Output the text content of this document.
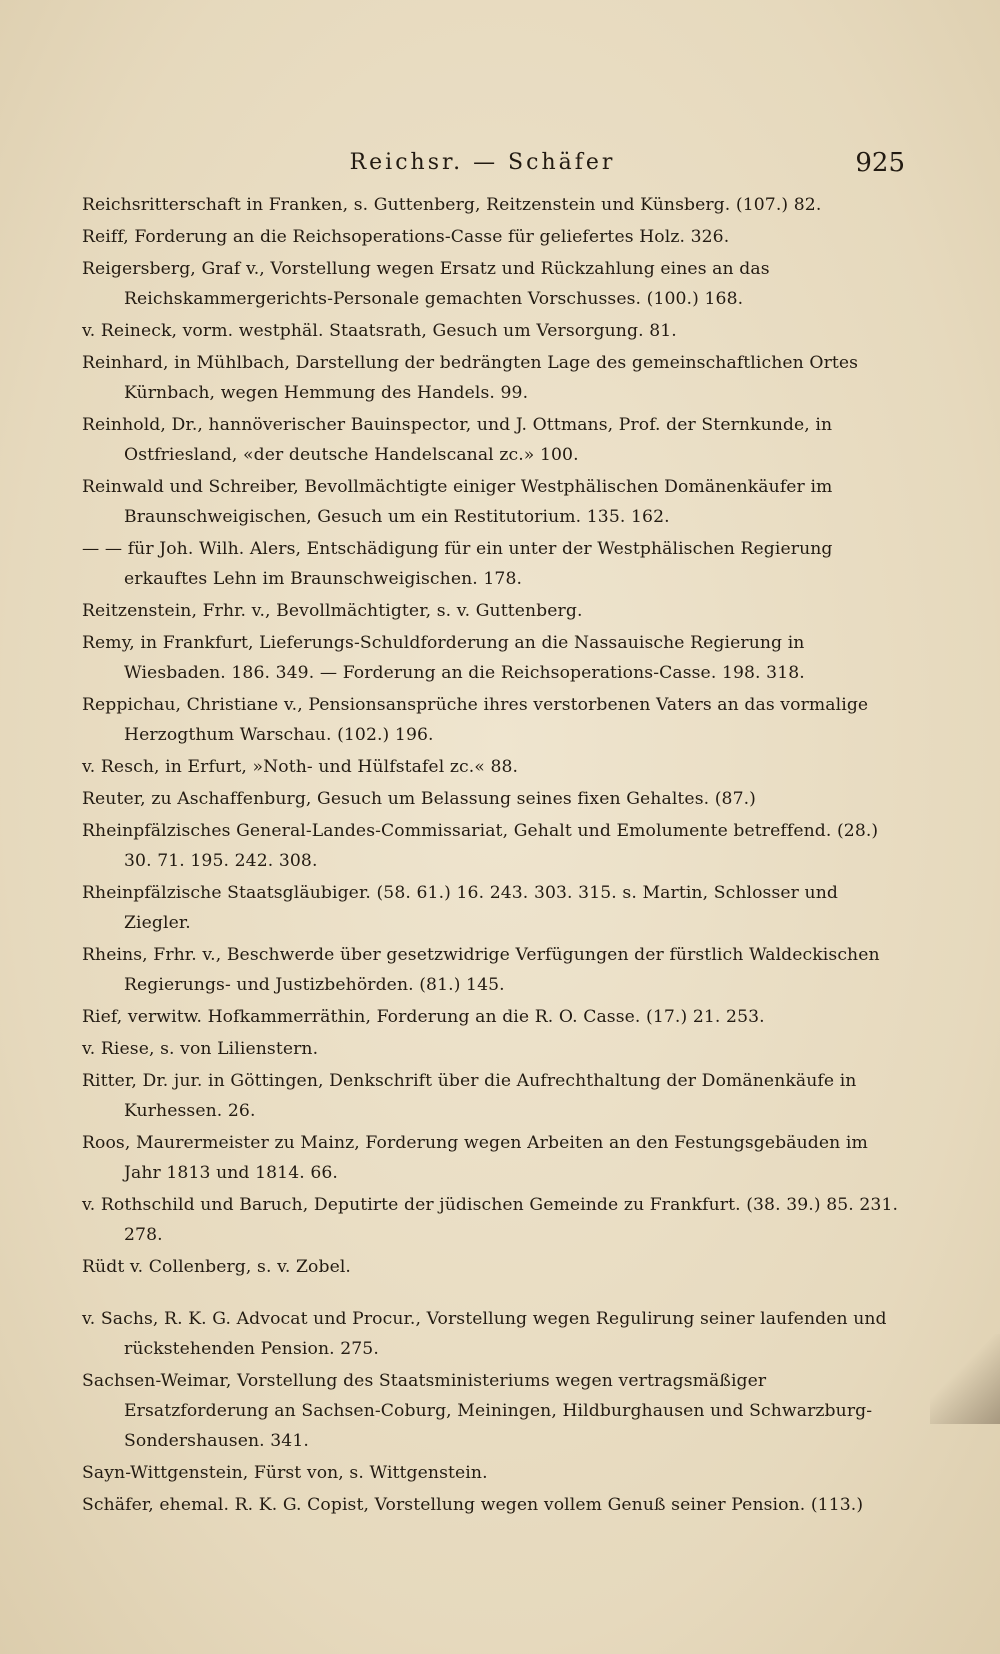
Reichsr. — Schäfer	925
Reichsritterschaft in Franken, s. Guttenberg, Reitzenstein und Künsberg. (107.) 82.
Reiff, Forderung an die Reichsoperations-Casse für geliefertes Holz. 326.
Reigersberg, Graf v., Vorstellung wegen Ersatz und Rückzahlung eines an das Reichskammergerichts-Personale gemachten Vorschusses. (100.) 168.
v. Reineck, vorm. westphäl. Staatsrath, Gesuch um Versorgung. 81.
Reinhard, in Mühlbach, Darstellung der bedrängten Lage des gemeinschaftlichen Ortes Kürnbach, wegen Hemmung des Handels. 99.
Reinhold, Dr., hannöverischer Bauinspector, und J. Ottmans, Prof. der Sternkunde, in Ostfriesland, «der deutsche Handelscanal zc.» 100.
Reinwald und Schreiber, Bevollmächtigte einiger Westphälischen Domänenkäufer im Braunschweigischen, Gesuch um ein Restitutorium. 135. 162.
— — für Joh. Wilh. Alers, Entschädigung für ein unter der Westphälischen Regierung erkauftes Lehn im Braunschweigischen. 178.
Reitzenstein, Frhr. v., Bevollmächtigter, s. v. Guttenberg.
Remy, in Frankfurt, Lieferungs-Schuldforderung an die Nassauische Regierung in Wiesbaden. 186. 349. — Forderung an die Reichsoperations-Casse. 198. 318.
Reppichau, Christiane v., Pensionsansprüche ihres verstorbenen Vaters an das vormalige Herzogthum Warschau. (102.) 196.
v. Resch, in Erfurt, »Noth- und Hülfstafel zc.« 88.
Reuter, zu Aschaffenburg, Gesuch um Belassung seines fixen Gehaltes. (87.)
Rheinpfälzisches General-Landes-Commissariat, Gehalt und Emolumente betreffend. (28.) 30. 71. 195. 242. 308.
Rheinpfälzische Staatsgläubiger. (58. 61.) 16. 243. 303. 315. s. Martin, Schlosser und Ziegler.
Rheins, Frhr. v., Beschwerde über gesetzwidrige Verfügungen der fürstlich Waldeckischen Regierungs- und Justizbehörden. (81.) 145.
Rief, verwitw. Hofkammerräthin, Forderung an die R. O. Casse. (17.) 21. 253.
v. Riese, s. von Lilienstern.
Ritter, Dr. jur. in Göttingen, Denkschrift über die Aufrechthaltung der Domänenkäufe in Kurhessen. 26.
Roos, Maurermeister zu Mainz, Forderung wegen Arbeiten an den Festungsgebäuden im Jahr 1813 und 1814. 66.
v. Rothschild und Baruch, Deputirte der jüdischen Gemeinde zu Frankfurt. (38. 39.) 85. 231. 278.
Rüdt v. Collenberg, s. v. Zobel.
v. Sachs, R. K. G. Advocat und Procur., Vorstellung wegen Regulirung seiner laufenden und rückstehenden Pension. 275.
Sachsen-Weimar, Vorstellung des Staatsministeriums wegen vertragsmäßiger Ersatzforderung an Sachsen-Coburg, Meiningen, Hildburghausen und Schwarzburg-Sondershausen. 341.
Sayn-Wittgenstein, Fürst von, s. Wittgenstein.
Schäfer, ehemal. R. K. G. Copist, Vorstellung wegen vollem Genuß seiner Pension. (113.)
